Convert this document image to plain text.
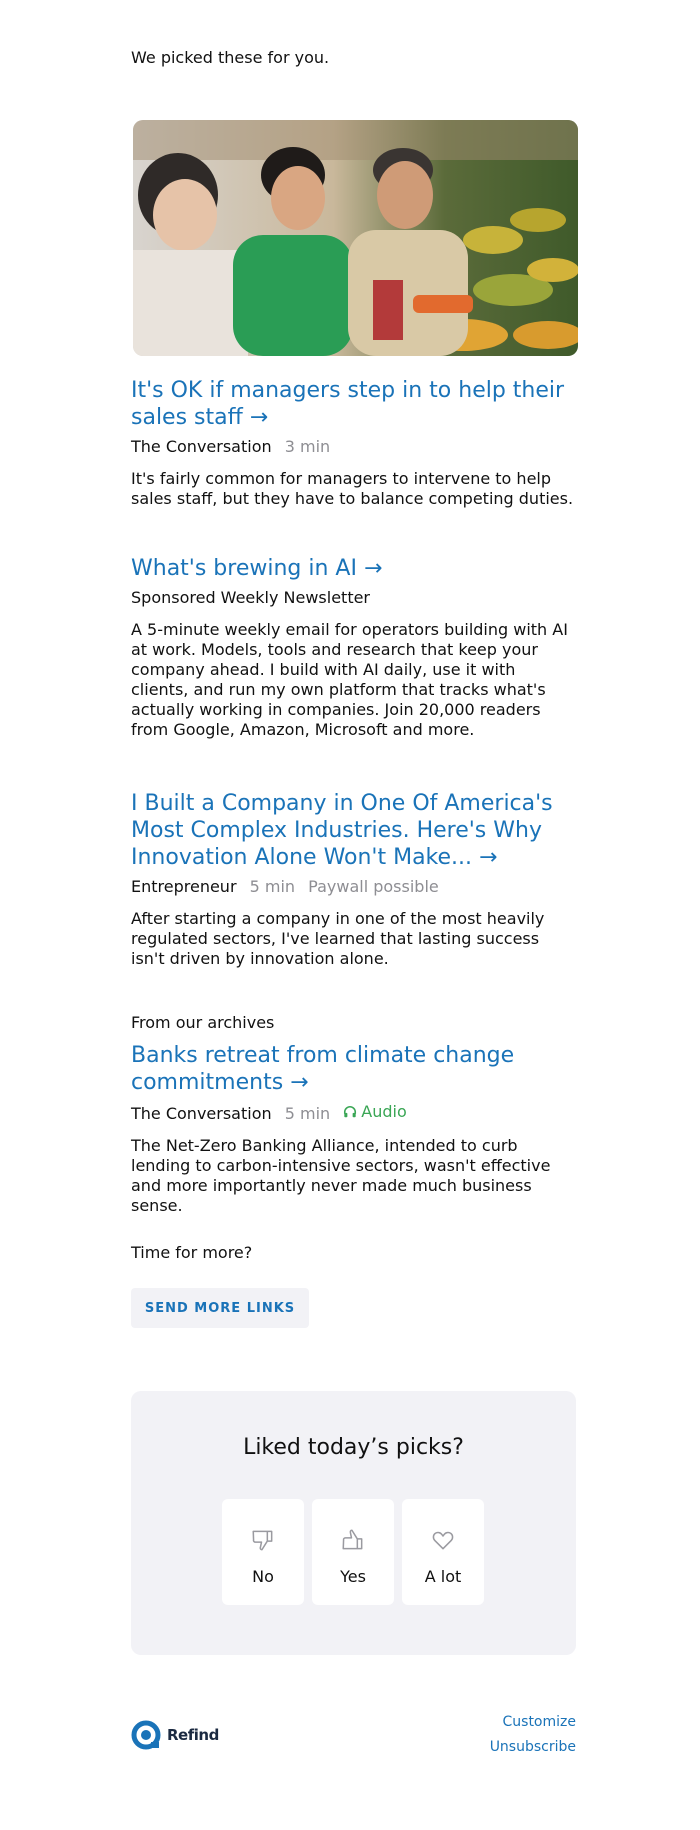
We picked these for you.

It's OK if managers step in to help their sales staff →
The Conversation 3 min
It's fairly common for managers to intervene to help sales staff, but they have to balance competing duties.
What's brewing in AI →
Sponsored Weekly Newsletter
A 5-minute weekly email for operators building with AI at work. Models, tools and research that keep your company ahead. I build with AI daily, use it with clients, and run my own platform that tracks what's actually working in companies. Join 20,000 readers from Google, Amazon, Microsoft and more.
I Built a Company in One Of America's Most Complex Industries. Here's Why Innovation Alone Won't Make... →
Entrepreneur 5 min Paywall possible
After starting a company in one of the most heavily regulated sectors, I've learned that lasting success isn't driven by innovation alone.

From our archives

Banks retreat from climate change commitments →
The Conversation 5 min Audio
The Net-Zero Banking Alliance, intended to curb lending to carbon-intensive sectors, wasn't effective and more importantly never made much business sense.

Time for more?

SEND MORE LINKS
Liked today’s picks?
No	Yes	A lot
Refind
Customize
Unsubscribe
